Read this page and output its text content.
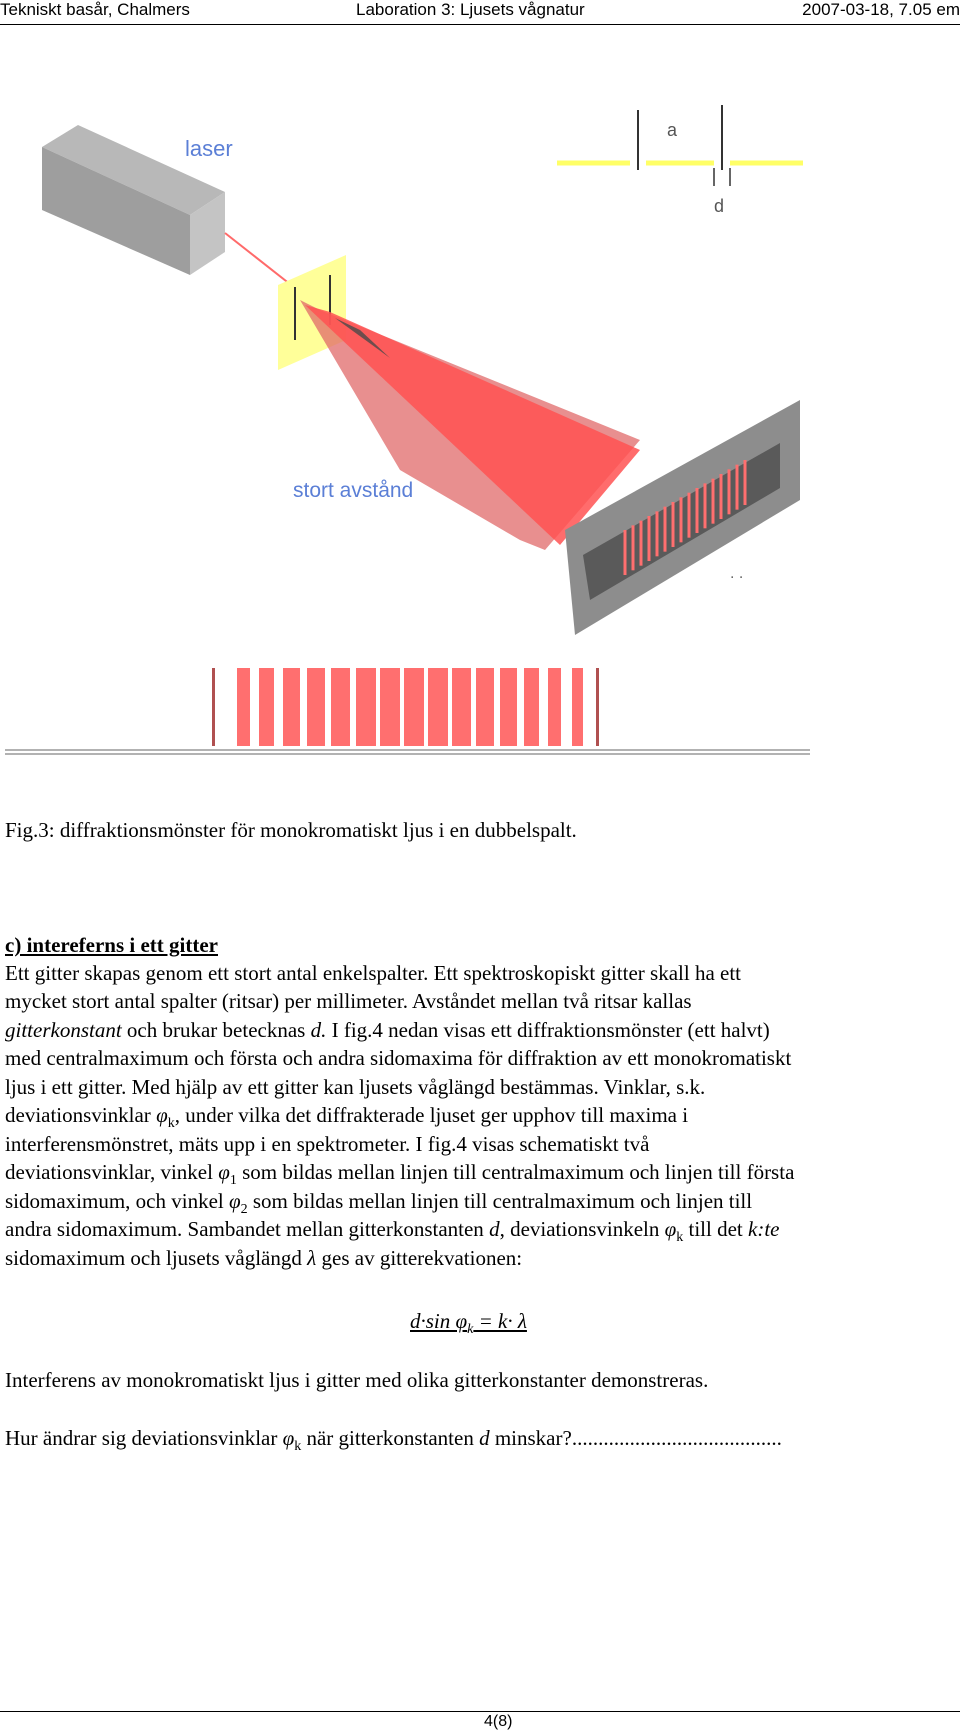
Tekniskt basår, Chalmers	Laboration 3: Ljusets vågnatur	2007-03-18, 7.05 em
a
d
laser
stort avstånd
. .
Fig.3: diffraktionsmönster för monokromatiskt ljus i en dubbelspalt.
c) intereferns i ett gitter
Ett gitter skapas genom ett stort antal enkelspalter. Ett spektroskopiskt gitter skall ha ett
mycket stort antal spalter (ritsar) per millimeter. Avståndet mellan två ritsar kallas
gitterkonstant och brukar betecknas d. I fig.4 nedan visas ett diffraktionsmönster (ett halvt)
med centralmaximum och första och andra sidomaxima för diffraktion av ett monokromatiskt
ljus i ett gitter. Med hjälp av ett gitter kan ljusets våglängd bestämmas. Vinklar, s.k.
deviationsvinklar $\varphi_k$, under vilka det diffrakterade ljuset ger upphov till maxima i
interferensmönstret, mäts upp i en spektrometer. I fig.4 visas schematiskt två
deviationsvinklar, vinkel $\varphi_1$ som bildas mellan linjen till centralmaximum och linjen till första
sidomaximum, och vinkel $\varphi_2$ som bildas mellan linjen till centralmaximum och linjen till
andra sidomaximum. Sambandet mellan gitterkonstanten d, deviationsvinkeln $\varphi_k$ till det k:te
sidomaximum och ljusets våglängd λ ges av gitterekvationen:
d·sin $\varphi_k = k\cdot \lambda$
Interferens av monokromatiskt ljus i gitter med olika gitterkonstanter demonstreras.
Hur ändrar sig deviationsvinklar $\varphi_k$ när gitterkonstanten d minskar?........................................
4(8)
